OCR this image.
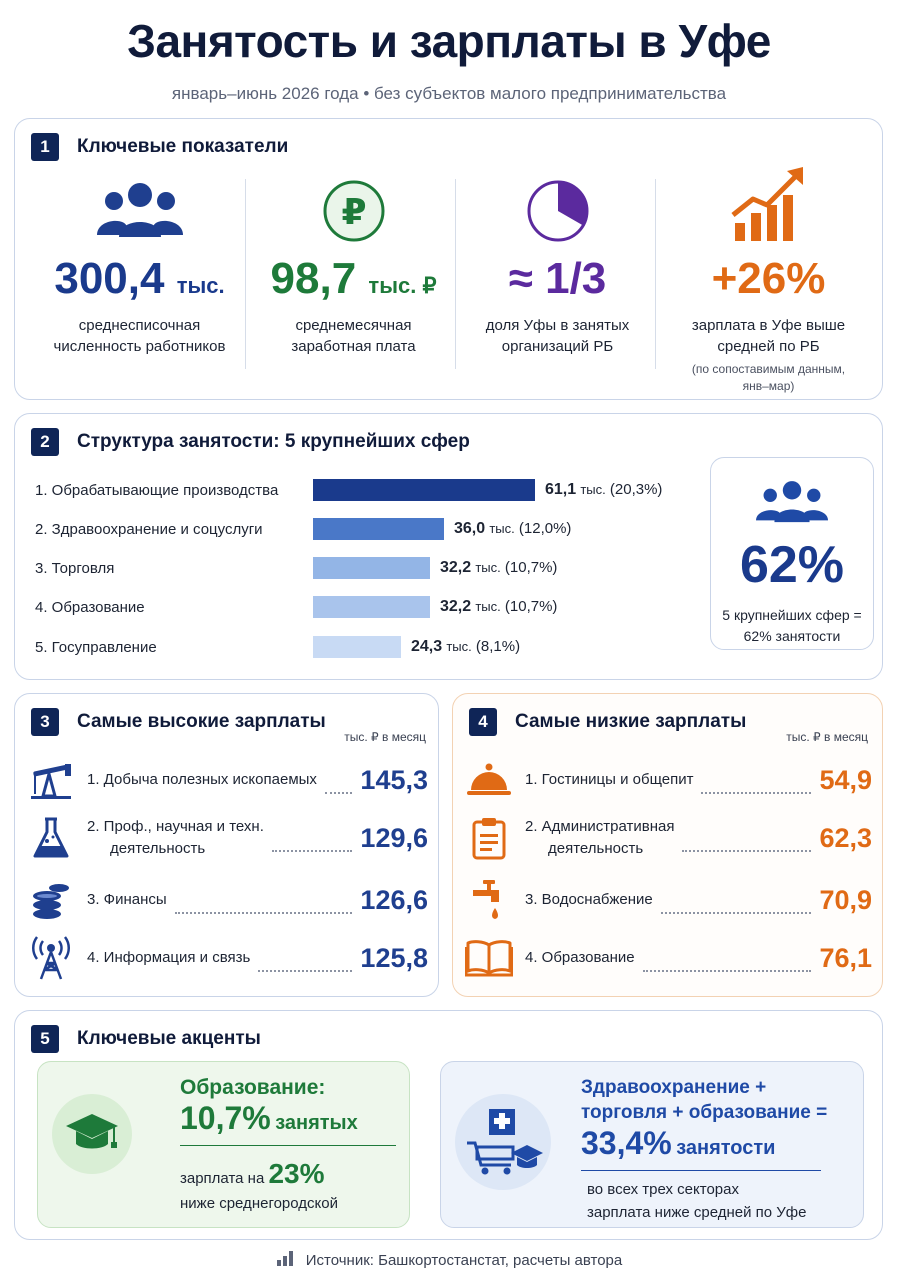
Занятость и зарплаты в Уфе
январь–июнь 2026 года • без субъектов малого предпринимательства
1	Ключевые показатели
300,4 тыс.
среднесписочная
численность работников
₽
98,7 тыс. ₽
среднемесячная
заработная плата
≈ 1/3
доля Уфы в занятых
организаций РБ
+26%
зарплата в Уфе выше
средней по РБ
(по сопоставимым данным,
янв–мар)
2	Структура занятости: 5 крупнейших сфер
1. Обрабатывающие производства	61,1 тыс. (20,3%)
2. Здравоохранение и соцуслуги	36,0 тыс. (12,0%)
3. Торговля	32,2 тыс. (10,7%)
4. Образование	32,2 тыс. (10,7%)
5. Госуправление	24,3 тыс. (8,1%)
62%
5 крупнейших сфер =
62% занятости
3	Самые высокие зарплаты
тыс. ₽ в месяц
1. Добыча полезных ископаемых 145,3
2. Проф., научная и техн.
деятельность	129,6
3. Финансы	126,6
4. Информация и связь	125,8
4	Самые низкие зарплаты
тыс. ₽ в месяц
1. Гостиницы и общепит	54,9
2. Административная
деятельность	62,3
3. Водоснабжение	70,9
4. Образование	76,1
5	Ключевые акценты
Образование:
10,7% занятых
зарплата на 23%
ниже среднегородской
Здравоохранение +
торговля + образование =
33,4% занятости
во всех трех секторах
зарплата ниже средней по Уфе
Источник: Башкортостанстат, расчеты автора
